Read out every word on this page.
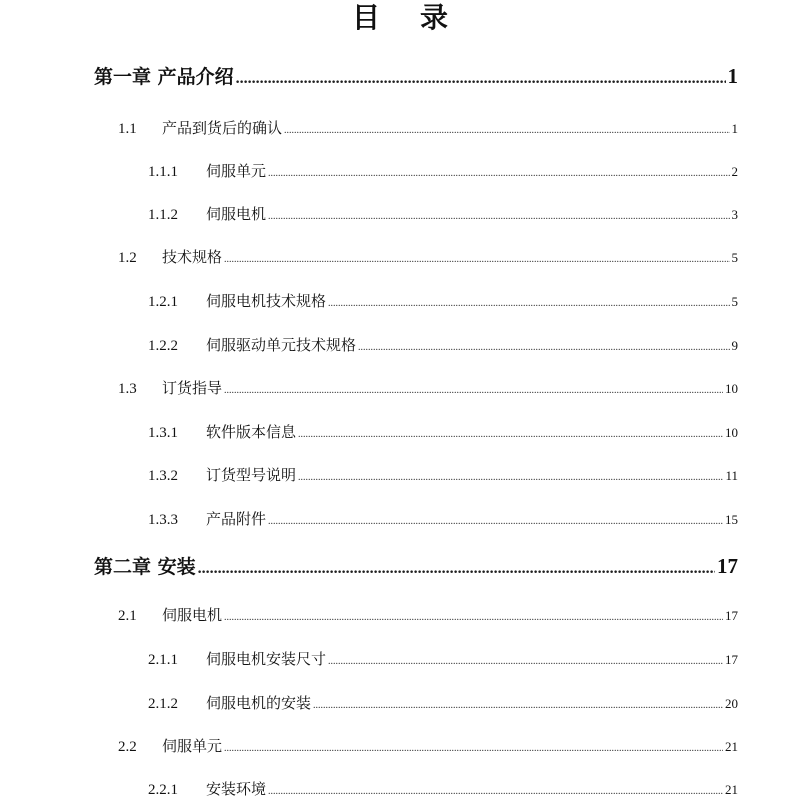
目录
第一章 产品介绍 .....	1
1.1	产品到货后的确认 .....	1
1.1.1	伺服单元 .....	2
1.1.2	伺服电机 .....	3
1.2	技术规格 .....	5
1.2.1	伺服电机技术规格 .....	5
1.2.2	伺服驱动单元技术规格 .....	9
1.3	订货指导 .....	10
1.3.1	软件版本信息 .....	10
1.3.2	订货型号说明 .....	11
1.3.3	产品附件 .....	15
第二章 安装 .....	17
2.1	伺服电机 .....	17
2.1.1	伺服电机安装尺寸 .....	17
2.1.2	伺服电机的安装 .....	20
2.2	伺服单元 .....	21
2.2.1	安装环境 .....	21
